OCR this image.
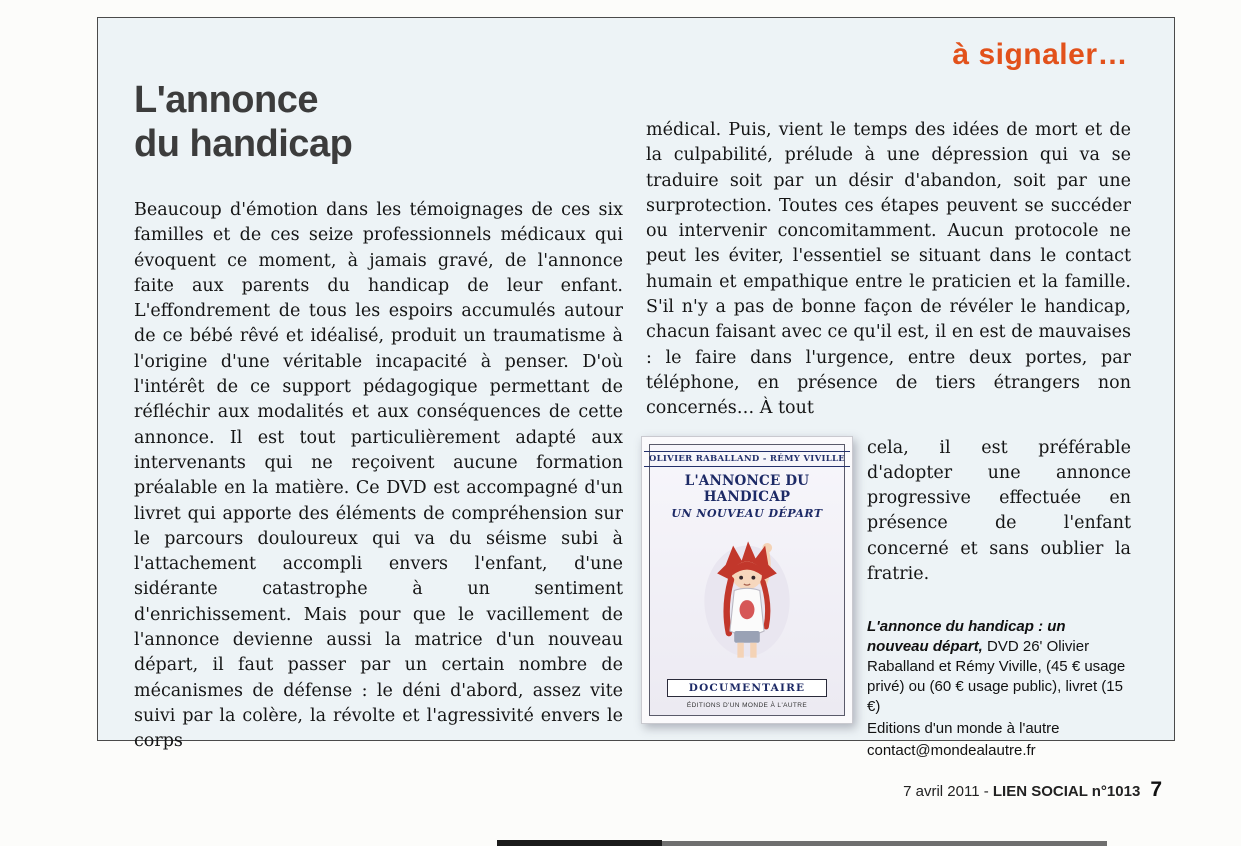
à signaler…
L'annonce
du handicap

Beaucoup d'émotion dans les témoignages de ces six familles et de ces seize professionnels médicaux qui évoquent ce moment, à jamais gravé, de l'annonce faite aux parents du handicap de leur enfant. L'effondrement de tous les espoirs accumulés autour de ce bébé rêvé et idéalisé, produit un traumatisme à l'origine d'une véritable incapacité à penser. D'où l'intérêt de ce support pédagogique permettant de réfléchir aux modalités et aux conséquences de cette annonce. Il est tout particulièrement adapté aux intervenants qui ne reçoivent aucune formation préalable en la matière. Ce DVD est accompagné d'un livret qui apporte des éléments de compréhension sur le parcours douloureux qui va du séisme subi à l'attachement accompli envers l'enfant, d'une sidérante catastrophe à un sentiment d'enrichissement. Mais pour que le vacillement de l'annonce devienne aussi la matrice d'un nouveau départ, il faut passer par un certain nombre de mécanismes de défense : le déni d'abord, assez vite suivi par la colère, la révolte et l'agressivité envers le corps

médical. Puis, vient le temps des idées de mort et de la culpabilité, prélude à une dépression qui va se traduire soit par un désir d'abandon, soit par une surprotection. Toutes ces étapes peuvent se succéder ou intervenir concomitamment. Aucun protocole ne peut les éviter, l'essentiel se situant dans le contact humain et empathique entre le praticien et la famille. S'il n'y a pas de bonne façon de révéler le handicap, chacun faisant avec ce qu'il est, il en est de mauvaises : le faire dans l'urgence, entre deux portes, par téléphone, en présence de tiers étrangers non concernés… À tout

OLIVIER RABALLAND - RÉMY VIVILLE
L'ANNONCE DU HANDICAP
UN NOUVEAU DÉPART
DOCUMENTAIRE
ÉDITIONS D'UN MONDE À L'AUTRE

cela, il est préférable d'adopter une annonce progressive effectuée en présence de l'enfant concerné et sans oublier la fratrie.

L'annonce du handicap : un nouveau départ, DVD 26' Olivier Raballand et Rémy Viville, (45 € usage privé) ou (60 € usage public), livret (15 €)
Editions d'un monde à l'autre
contact@mondealautre.fr
7 avril 2011 - LIEN SOCIAL n°1013 7
